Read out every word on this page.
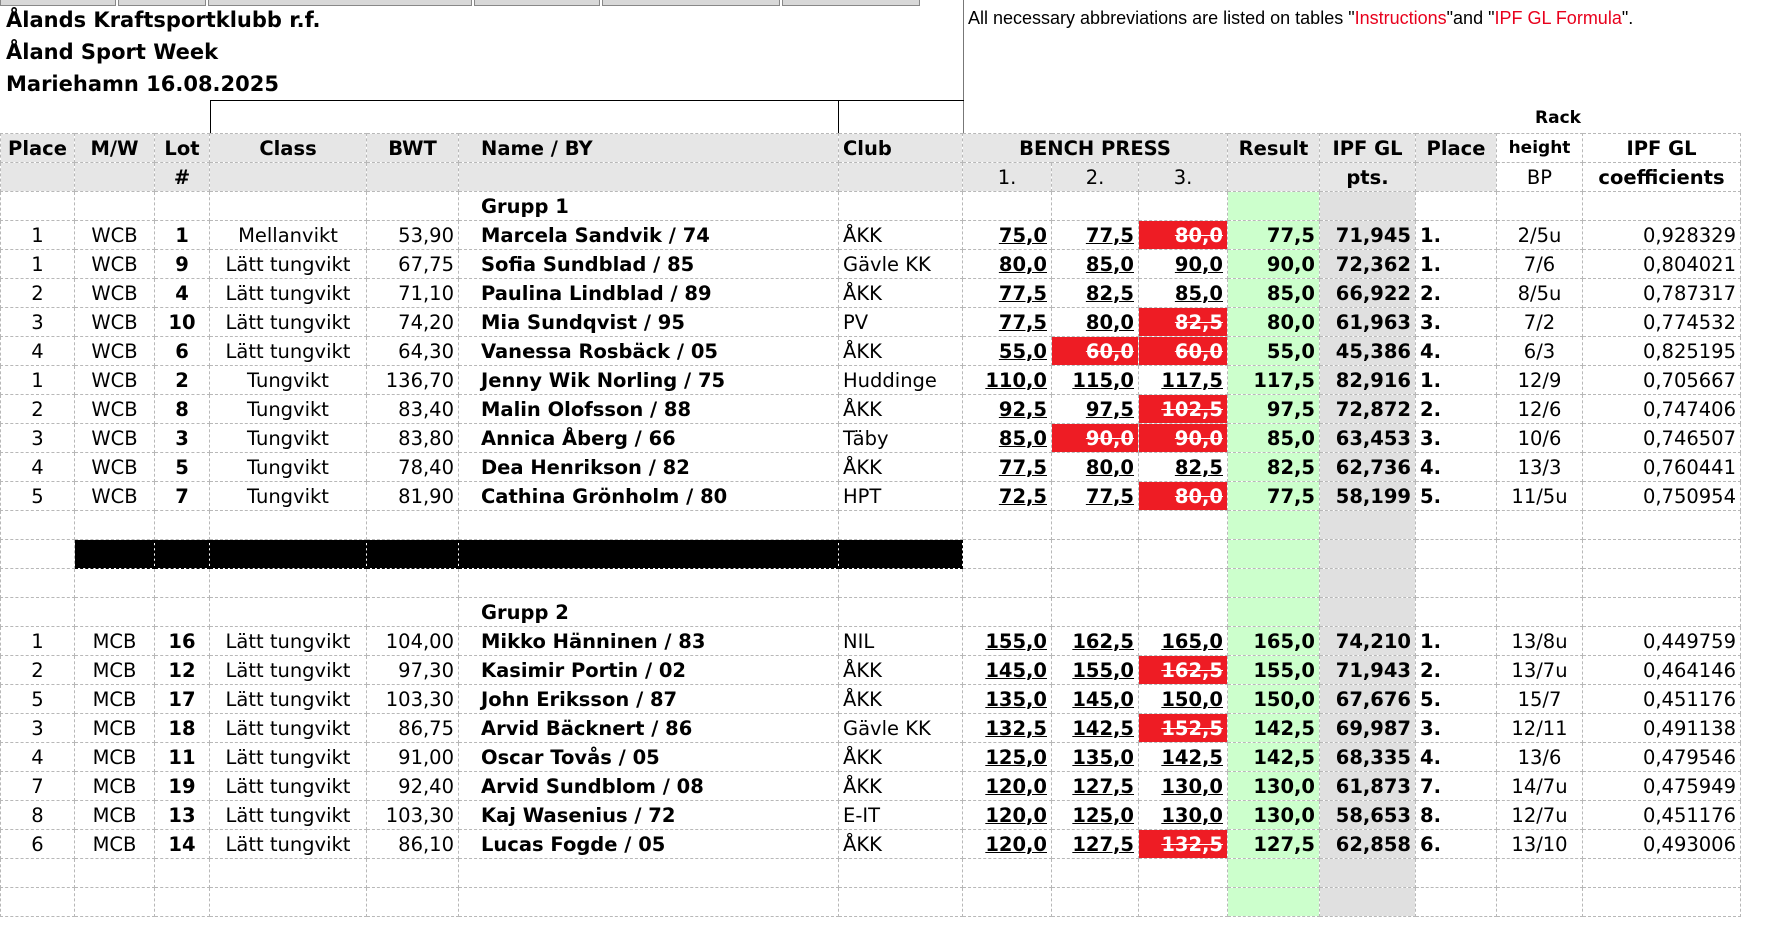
Ålands Kraftsportklubb r.f.
Åland Sport Week
Mariehamn 16.08.2025
All necessary abbreviations are listed on tables "Instructions"and "IPF GL Formula".
Rack
Place	M/W	Lot	Class	BWT	Name / BY	Club	BENCH PRESS			Result	IPF GL	Place	height	IPF GL
		#					1.	2.	3.		pts.		BP	coefficients
					Grupp 1									
1	WCB	1	Mellanvikt	53,90	Marcela Sandvik / 74	ÅKK	75,0	77,5	80,0	77,5	71,945	1.	2/5u	0,928329
1	WCB	9	Lätt tungvikt	67,75	Sofia Sundblad / 85	Gävle KK	80,0	85,0	90,0	90,0	72,362	1.	7/6	0,804021
2	WCB	4	Lätt tungvikt	71,10	Paulina Lindblad / 89	ÅKK	77,5	82,5	85,0	85,0	66,922	2.	8/5u	0,787317
3	WCB	10	Lätt tungvikt	74,20	Mia Sundqvist / 95	PV	77,5	80,0	82,5	80,0	61,963	3.	7/2	0,774532
4	WCB	6	Lätt tungvikt	64,30	Vanessa Rosbäck / 05	ÅKK	55,0	60,0	60,0	55,0	45,386	4.	6/3	0,825195
1	WCB	2	Tungvikt	136,70	Jenny Wik Norling / 75	Huddinge	110,0	115,0	117,5	117,5	82,916	1.	12/9	0,705667
2	WCB	8	Tungvikt	83,40	Malin Olofsson / 88	ÅKK	92,5	97,5	102,5	97,5	72,872	2.	12/6	0,747406
3	WCB	3	Tungvikt	83,80	Annica Åberg / 66	Täby	85,0	90,0	90,0	85,0	63,453	3.	10/6	0,746507
4	WCB	5	Tungvikt	78,40	Dea Henrikson / 82	ÅKK	77,5	80,0	82,5	82,5	62,736	4.	13/3	0,760441
5	WCB	7	Tungvikt	81,90	Cathina Grönholm / 80	HPT	72,5	77,5	80,0	77,5	58,199	5.	11/5u	0,750954

					Grupp 2									
1	MCB	16	Lätt tungvikt	104,00	Mikko Hänninen / 83	NIL	155,0	162,5	165,0	165,0	74,210	1.	13/8u	0,449759
2	MCB	12	Lätt tungvikt	97,30	Kasimir Portin / 02	ÅKK	145,0	155,0	162,5	155,0	71,943	2.	13/7u	0,464146
5	MCB	17	Lätt tungvikt	103,30	John Eriksson / 87	ÅKK	135,0	145,0	150,0	150,0	67,676	5.	15/7	0,451176
3	MCB	18	Lätt tungvikt	86,75	Arvid Bäcknert / 86	Gävle KK	132,5	142,5	152,5	142,5	69,987	3.	12/11	0,491138
4	MCB	11	Lätt tungvikt	91,00	Oscar Tovås / 05	ÅKK	125,0	135,0	142,5	142,5	68,335	4.	13/6	0,479546
7	MCB	19	Lätt tungvikt	92,40	Arvid Sundblom / 08	ÅKK	120,0	127,5	130,0	130,0	61,873	7.	14/7u	0,475949
8	MCB	13	Lätt tungvikt	103,30	Kaj Wasenius / 72	E-IT	120,0	125,0	130,0	130,0	58,653	8.	12/7u	0,451176
6	MCB	14	Lätt tungvikt	86,10	Lucas Fogde / 05	ÅKK	120,0	127,5	132,5	127,5	62,858	6.	13/10	0,493006
